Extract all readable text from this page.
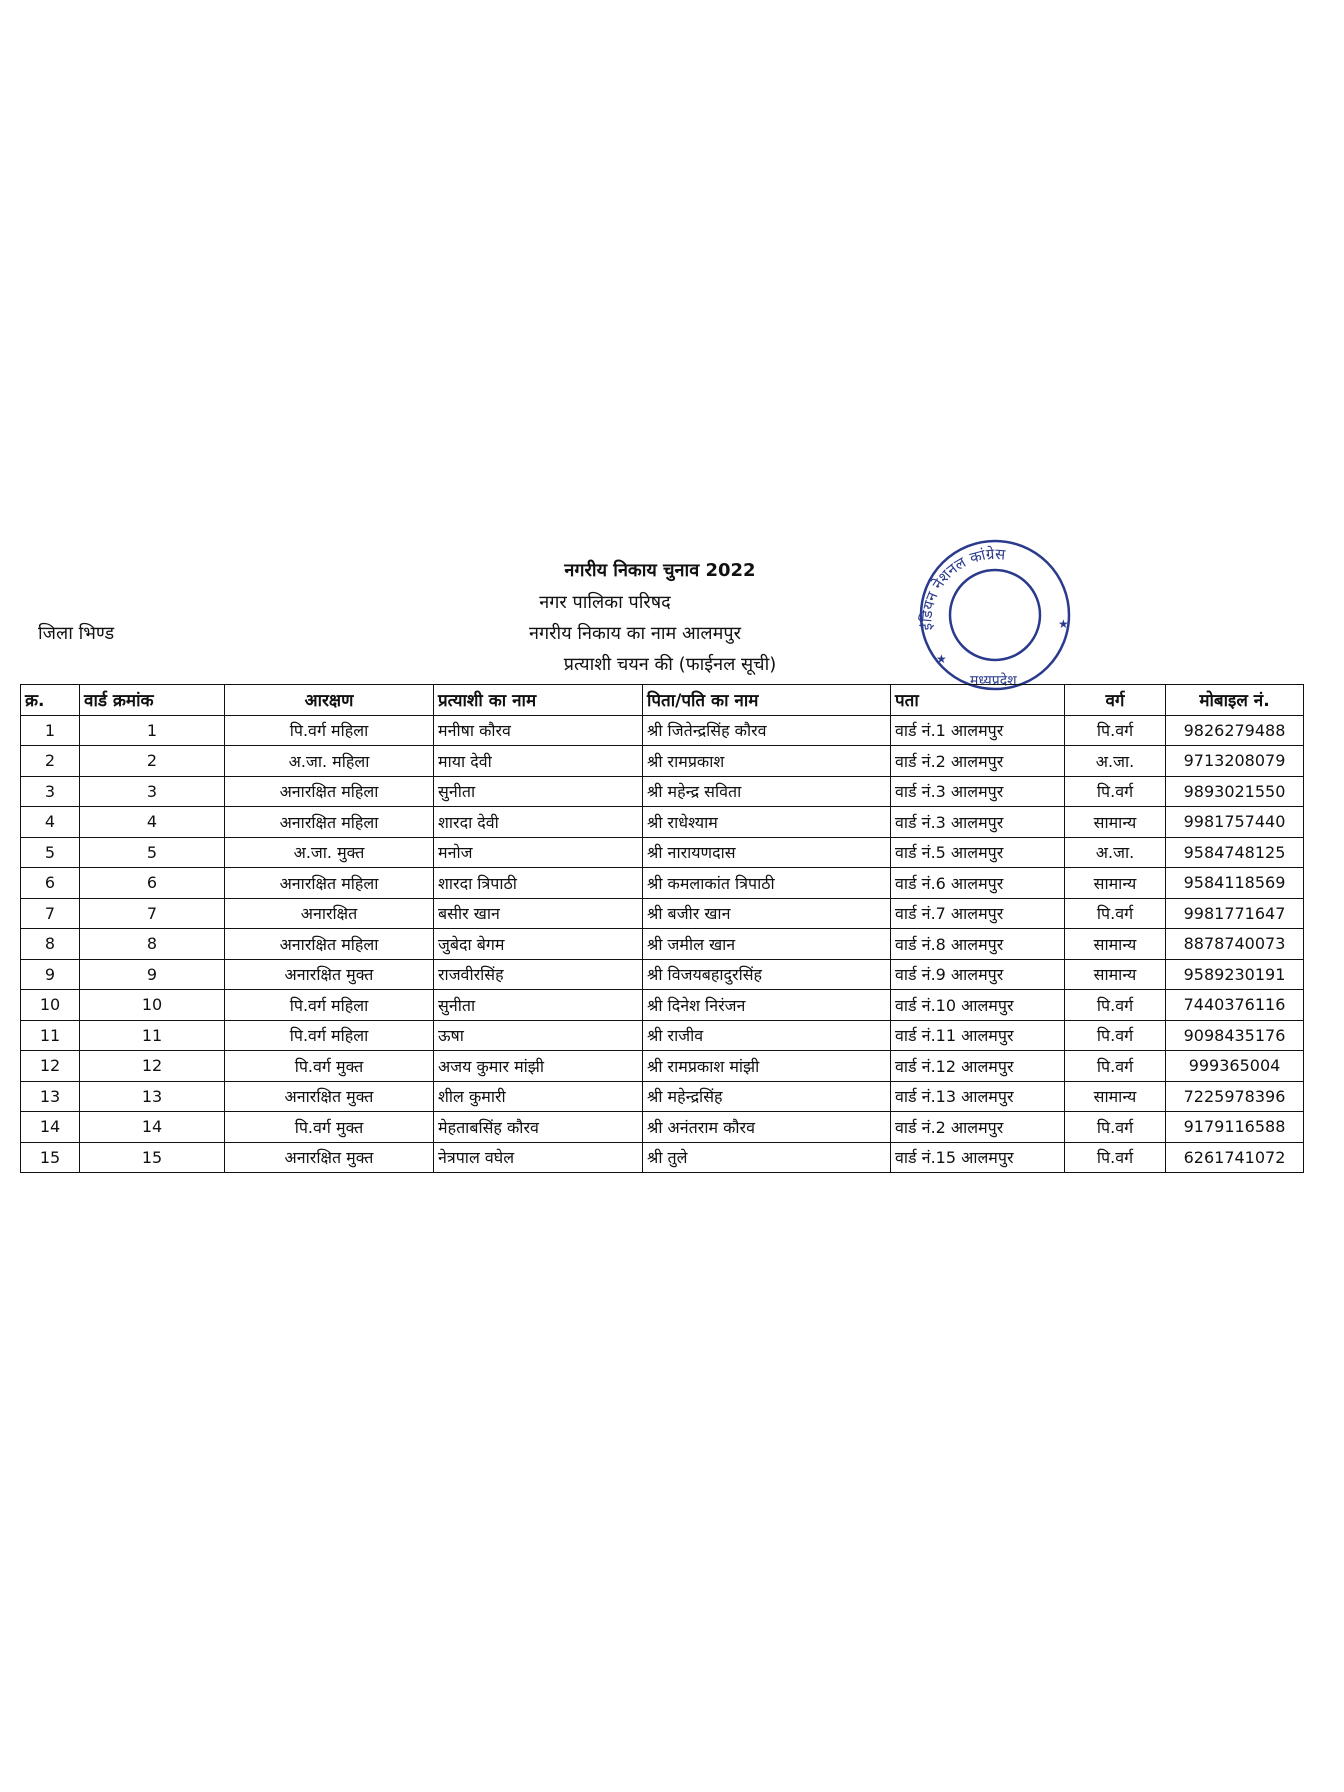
नगरीय निकाय चुनाव 2022
नगर पालिका परिषद
नगरीय निकाय का नाम आलमपुर
प्रत्याशी चयन की (फाईनल सूची)
जिला भिण्ड	इंडियन नेशनल कांग्रेस
मध्यप्रदेश
★
★
क्र.	वार्ड क्रमांक	आरक्षण	प्रत्याशी का नाम	पिता/पति का नाम	पता	वर्ग	मोबाइल नं.
1	1	पि.वर्ग महिला	मनीषा कौरव	श्री जितेन्द्रसिंह कौरव	वार्ड नं.1 आलमपुर	पि.वर्ग	9826279488
2	2	अ.जा. महिला	माया देवी	श्री रामप्रकाश	वार्ड नं.2 आलमपुर	अ.जा.	9713208079
3	3	अनारक्षित महिला	सुनीता	श्री महेन्द्र सविता	वार्ड नं.3 आलमपुर	पि.वर्ग	9893021550
4	4	अनारक्षित महिला	शारदा देवी	श्री राधेश्याम	वार्ड नं.3 आलमपुर	सामान्य	9981757440
5	5	अ.जा. मुक्त	मनोज	श्री नारायणदास	वार्ड नं.5 आलमपुर	अ.जा.	9584748125
6	6	अनारक्षित महिला	शारदा त्रिपाठी	श्री कमलाकांत त्रिपाठी	वार्ड नं.6 आलमपुर	सामान्य	9584118569
7	7	अनारक्षित	बसीर खान	श्री बजीर खान	वार्ड नं.7 आलमपुर	पि.वर्ग	9981771647
8	8	अनारक्षित महिला	जुबेदा बेगम	श्री जमील खान	वार्ड नं.8 आलमपुर	सामान्य	8878740073
9	9	अनारक्षित मुक्त	राजवीरसिंह	श्री विजयबहादुरसिंह	वार्ड नं.9 आलमपुर	सामान्य	9589230191
10	10	पि.वर्ग महिला	सुनीता	श्री दिनेश निरंजन	वार्ड नं.10 आलमपुर	पि.वर्ग	7440376116
11	11	पि.वर्ग महिला	ऊषा	श्री राजीव	वार्ड नं.11 आलमपुर	पि.वर्ग	9098435176
12	12	पि.वर्ग मुक्त	अजय कुमार मांझी	श्री रामप्रकाश मांझी	वार्ड नं.12 आलमपुर	पि.वर्ग	999365004
13	13	अनारक्षित मुक्त	शील कुमारी	श्री महेन्द्रसिंह	वार्ड नं.13 आलमपुर	सामान्य	7225978396
14	14	पि.वर्ग मुक्त	मेहताबसिंह कौरव	श्री अनंतराम कौरव	वार्ड नं.2 आलमपुर	पि.वर्ग	9179116588
15	15	अनारक्षित मुक्त	नेत्रपाल वघेल	श्री तुले	वार्ड नं.15 आलमपुर	पि.वर्ग	6261741072
